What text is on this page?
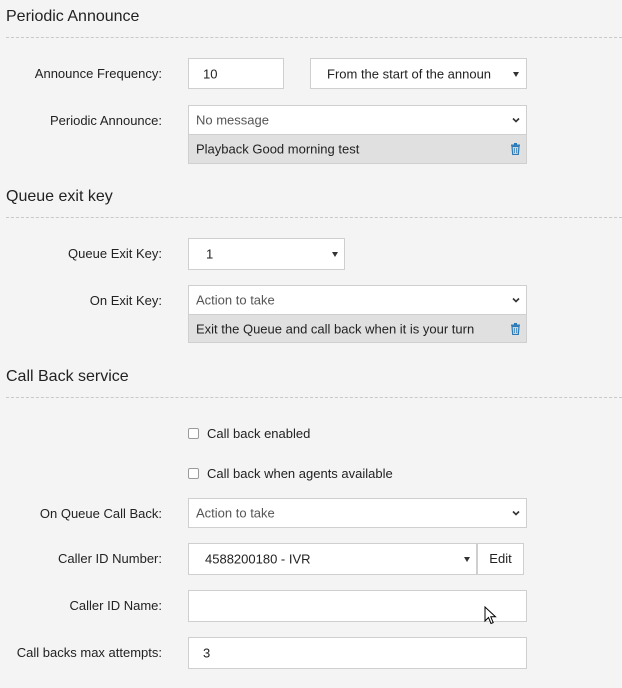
Periodic Announce
Announce Frequency:	10	From the start of the announ
Periodic Announce:	No message
Playback Good morning test
Queue exit key
Queue Exit Key:	1
On Exit Key:	Action to take
Exit the Queue and call back when it is your turn
Call Back service
Call back enabled
Call back when agents available
On Queue Call Back:	Action to take
Caller ID Number:	4588200180 - IVR	Edit
Caller ID Name:
Call backs max attempts:	3
